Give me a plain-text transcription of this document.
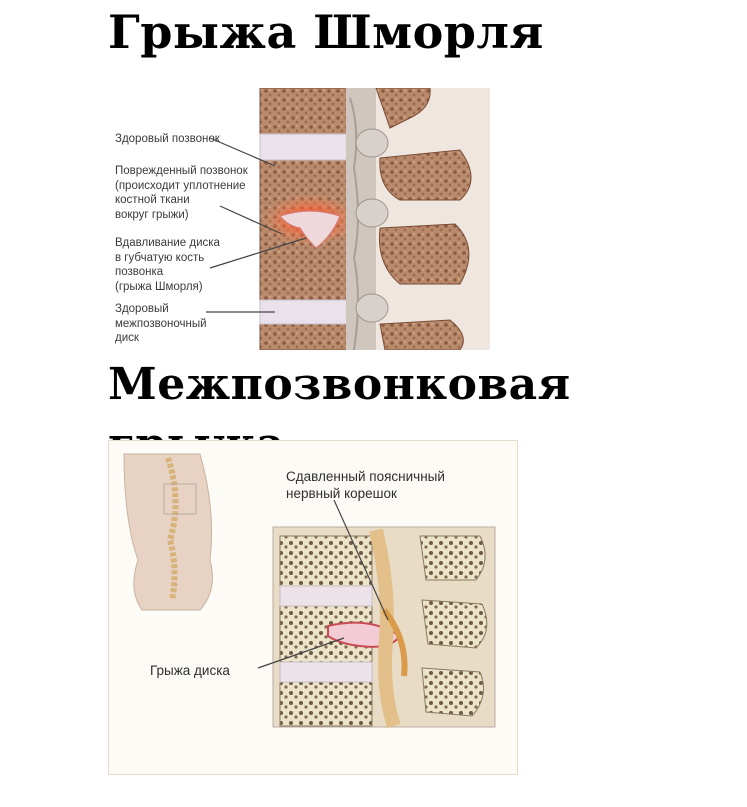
Грыжа Шморля
Здоровый позвонок
Поврежденный позвонок
(происходит уплотнение
костной ткани
вокруг грыжи)
Вдавливание диска
в губчатую кость
позвонка
(грыжа Шморля)
Здоровый
межпозвоночный
диск
Межпозвонковая
Сдавленный поясничный
нервный корешок
Грыжа диска
